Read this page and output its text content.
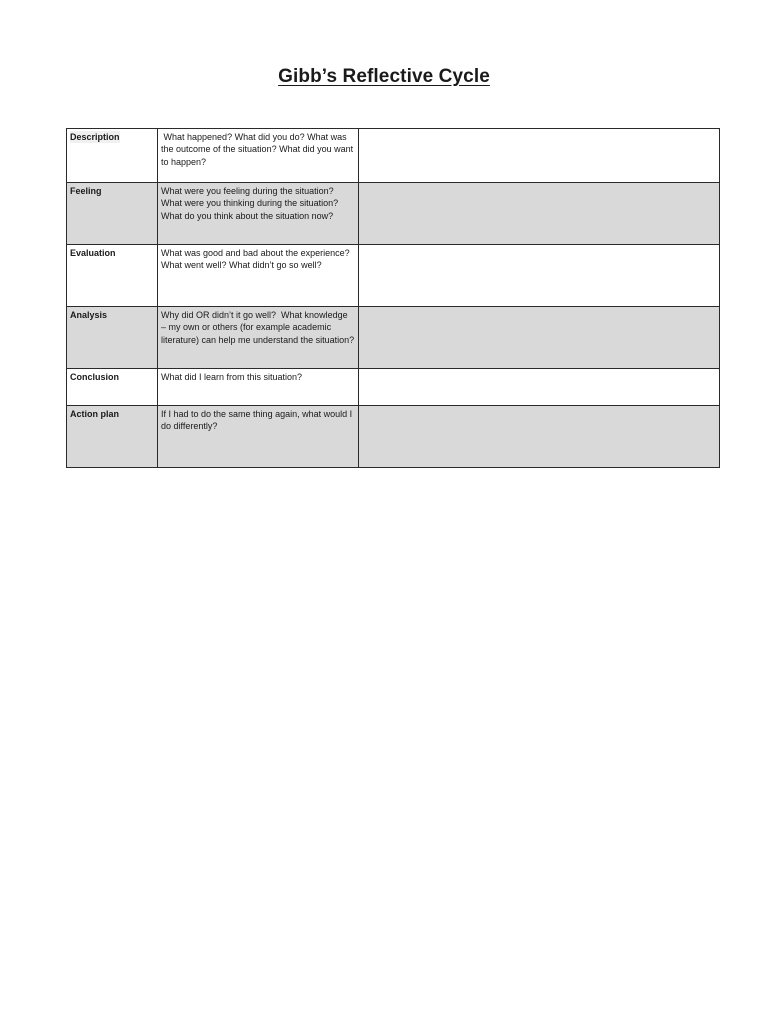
Gibb’s Reflective Cycle
Description	What happened? What did you do? What was the outcome of the situation? What did you want to happen?	
Feeling	What were you feeling during the situation? What were you thinking during the situation? What do you think about the situation now?	
Evaluation	What was good and bad about the experience? What went well? What didn’t go so well?	
Analysis	Why did OR didn’t it go well?  What knowledge – my own or others (for example academic literature) can help me understand the situation?	
Conclusion	What did I learn from this situation?	
Action plan	If I had to do the same thing again, what would I
do differently?	
